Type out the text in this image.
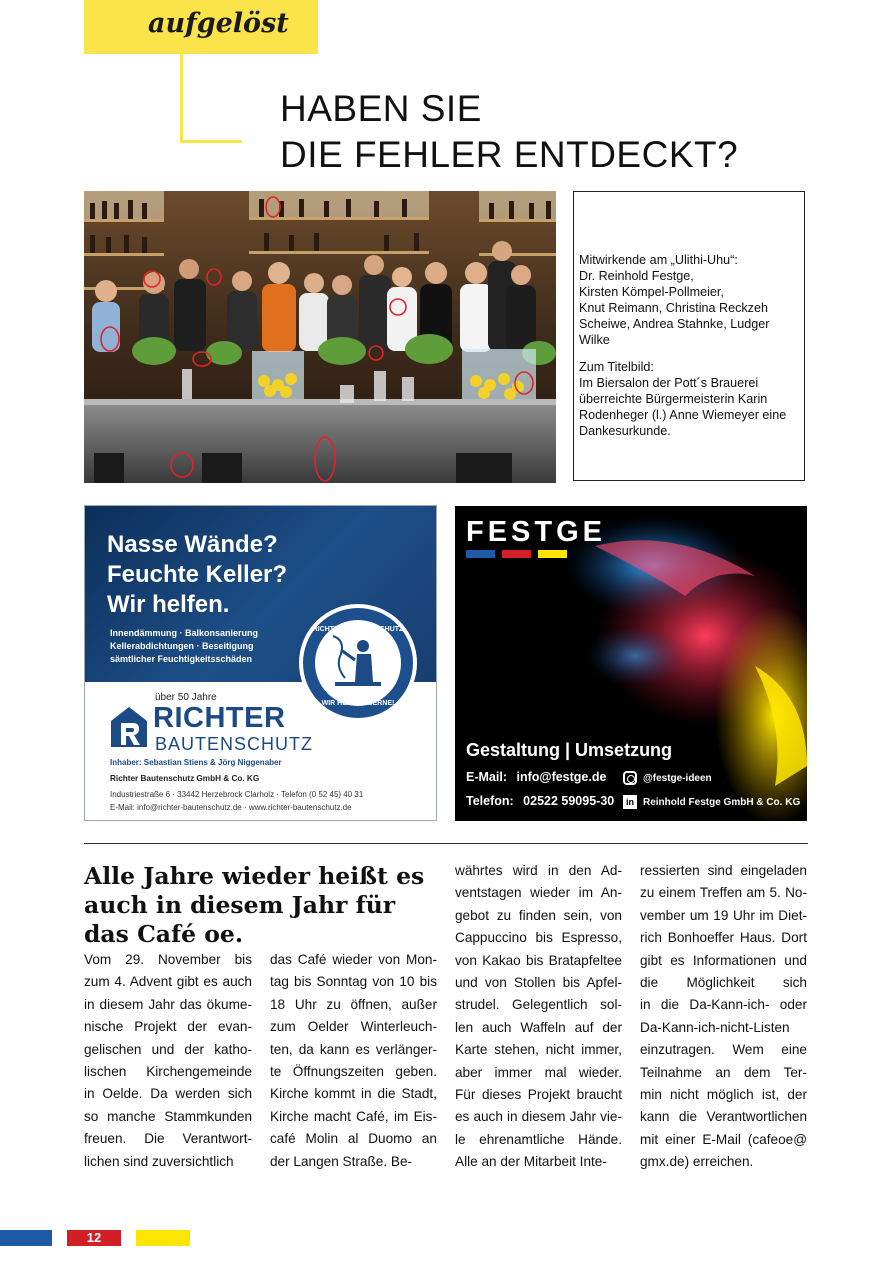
aufgelöst
HABEN SIE
DIE FEHLER ENTDECKT?

Mitwirkende am „Ulithi-Uhu“:
Dr. Reinhold Festge,
Kirsten Kömpel-Pollmeier,
Knut Reimann, Christina Reckzeh
Scheiwe, Andrea Stahnke, Ludger Wilke

Zum Titelbild:
Im Biersalon der Pott´s Brauerei
überreichte Bürgermeisterin Karin
Rodenheger (l.) Anne Wiemeyer eine
Dankesurkunde.

Nasse Wände?
Feuchte Keller?
Wir helfen.
Innendämmung · Balkonsanierung
Kellerabdichtungen · Beseitigung
sämtlicher Feuchtigkeitsschäden
RICHTER BAUTENSCHUTZ
WIR HELFEN GERNE!
über 50 Jahre
RICHTER
BAUTENSCHUTZ
Inhaber: Sebastian Stiens & Jörg Niggenaber
Richter Bautenschutz GmbH & Co. KG
Industriestraße 6 · 33442 Herzebrock Clarholz · Telefon (0 52 45) 40 31
E-Mail: info@richter-bautenschutz.de · www.richter-bautenschutz.de
FESTGE
Gestaltung | Umsetzung
E-Mail: info@festge.de
Telefon: 02522 59095-30
@festge-ideen
in Reinhold Festge GmbH & Co. KG
Alle Jahre wieder heißt es
auch in diesem Jahr für
das Café oe.
Vom 29. November bis
zum 4. Advent gibt es auch
in diesem Jahr das ökume-
nische Projekt der evan-
gelischen und der katho-
lischen Kirchengemeinde
in Oelde. Da werden sich
so manche Stammkunden
freuen. Die Verantwort-
lichen sind zuversichtlich
das Café wieder von Mon-
tag bis Sonntag von 10 bis
18 Uhr zu öffnen, außer
zum Oelder Winterleuch-
ten, da kann es verlänger-
te Öffnungszeiten geben.
Kirche kommt in die Stadt,
Kirche macht Café, im Eis-
café Molin al Duomo an
der Langen Straße. Be-
währtes wird in den Ad-
ventstagen wieder im An-
gebot zu finden sein, von
Cappuccino bis Espresso,
von Kakao bis Bratapfeltee
und von Stollen bis Apfel-
strudel. Gelegentlich sol-
len auch Waffeln auf der
Karte stehen, nicht immer,
aber immer mal wieder.
Für dieses Projekt braucht
es auch in diesem Jahr vie-
le ehrenamtliche Hände.
Alle an der Mitarbeit Inte-
ressierten sind eingeladen
zu einem Treffen am 5. No-
vember um 19 Uhr im Diet-
rich Bonhoeffer Haus. Dort
gibt es Informationen und
die Möglichkeit sich
in die Da-Kann-ich- oder
Da-Kann-ich-nicht-Listen
einzutragen. Wem eine
Teilnahme an dem Ter-
min nicht möglich ist, der
kann die Verantwortlichen
mit einer E-Mail (cafeoe@
gmx.de) erreichen.
12
